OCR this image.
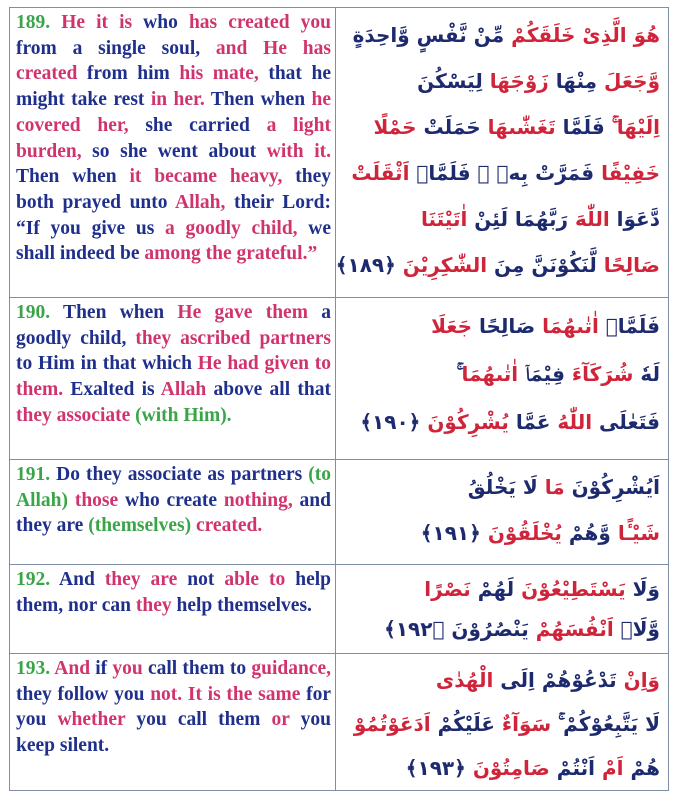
189. He it is who has created you from a single soul, and He has created from him his mate, that he might take rest in her. Then when he covered her, she carried a light burden, so she went about with it. Then when it became heavy, they both prayed unto Allah, their Lord: “If you give us a goodly child, we shall indeed be among the grateful.”

هُوَ الَّذِىْ خَلَقَكُمْ مِّنْ نَّفْسٍ وَّاحِدَةٍ
وَّجَعَلَ مِنْهَا زَوْجَهَا لِيَسْكُنَ
اِلَيْهَا ۚ فَلَمَّا تَغَشّٰىهَا حَمَلَتْ حَمْلًا
خَفِيْفًا فَمَرَّتْ بِهٖ ۚ فَلَمَّاۤ اَثْقَلَتْ
دَّعَوَا اللّٰهَ رَبَّهُمَا لَئِنْ اٰتَيْتَنَا
صَالِحًا لَّنَكُوْنَنَّ مِنَ الشّٰكِرِيْنَ ﴿١٨٩﴾

190. Then when He gave them a goodly child, they ascribed partners to Him in that which He had given to them. Exalted is Allah above all that they associate (with Him).

فَلَمَّاۤ اٰتٰىهُمَا صَالِحًا جَعَلَا
لَهٗ شُرَكَآءَ فِيْمَاۤ اٰتٰىهُمَا ۚ
فَتَعٰلَى اللّٰهُ عَمَّا يُشْرِكُوْنَ ﴿١٩٠﴾

191. Do they associate as partners (to Allah) those who create nothing, and they are (themselves) created.

اَيُشْرِكُوْنَ مَا لَا يَخْلُقُ
شَيْـًٔا وَّهُمْ يُخْلَقُوْنَ ﴿١٩١﴾

192. And they are not able to help them, nor can they help themselves.

وَلَا يَسْتَطِيْعُوْنَ لَهُمْ نَصْرًا
وَّلَاۤ اَنْفُسَهُمْ يَنْصُرُوْنَ ﴿١٩٢﴾

193. And if you call them to guidance, they follow you not. It is the same for you whether you call them or you keep silent.

وَاِنْ تَدْعُوْهُمْ اِلَى الْهُدٰى
لَا يَتَّبِعُوْكُمْ ۚ سَوَآءٌ عَلَيْكُمْ اَدَعَوْتُمُوْ
هُمْ اَمْ اَنْتُمْ صَامِتُوْنَ ﴿١٩٣﴾
